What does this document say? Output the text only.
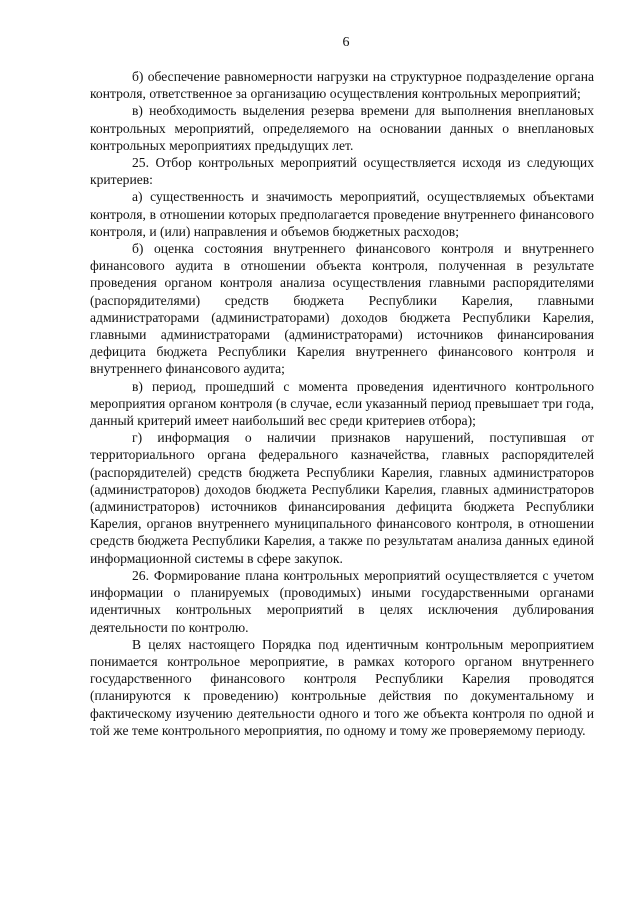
6

б) обеспечение равномерности нагрузки на структурное подразделение органа контроля, ответственное за организацию осуществления контрольных мероприятий;

в) необходимость выделения резерва времени для выполнения внеплановых контрольных мероприятий, определяемого на основании данных о внеплановых контрольных мероприятиях предыдущих лет.

25. Отбор контрольных мероприятий осуществляется исходя из следующих критериев:

а) существенность и значимость мероприятий, осуществляемых объектами контроля, в отношении которых предполагается проведение внутреннего финансового контроля, и (или) направления и объемов бюджетных расходов;

б) оценка состояния внутреннего финансового контроля и внутреннего финансового аудита в отношении объекта контроля, полученная в результате проведения органом контроля анализа осуществления главными распорядителями (распорядителями) средств бюджета Республики Карелия, главными администраторами (администраторами) доходов бюджета Республики Карелия, главными администраторами (администраторами) источников финансирования дефицита бюджета Республики Карелия внутреннего финансового контроля и внутреннего финансового аудита;

в) период, прошедший с момента проведения идентичного контрольного мероприятия органом контроля (в случае, если указанный период превышает три года, данный критерий имеет наибольший вес среди критериев отбора);

г) информация о наличии признаков нарушений, поступившая от территориального органа федерального казначейства, главных распорядителей (распорядителей) средств бюджета Республики Карелия, главных администраторов (администраторов) доходов бюджета Республики Карелия, главных администраторов (администраторов) источников финансирования дефицита бюджета Республики Карелия, органов внутреннего муниципального финансового контроля, в отношении средств бюджета Республики Карелия, а также по результатам анализа данных единой информационной системы в сфере закупок.

26. Формирование плана контрольных мероприятий осуществляется с учетом информации о планируемых (проводимых) иными государственными органами идентичных контрольных мероприятий в целях исключения дублирования деятельности по контролю.

В целях настоящего Порядка под идентичным контрольным мероприятием понимается контрольное мероприятие, в рамках которого органом внутреннего государственного финансового контроля Республики Карелия проводятся (планируются к проведению) контрольные действия по документальному и фактическому изучению деятельности одного и того же объекта контроля по одной и той же теме контрольного мероприятия, по одному и тому же проверяемому периоду.
